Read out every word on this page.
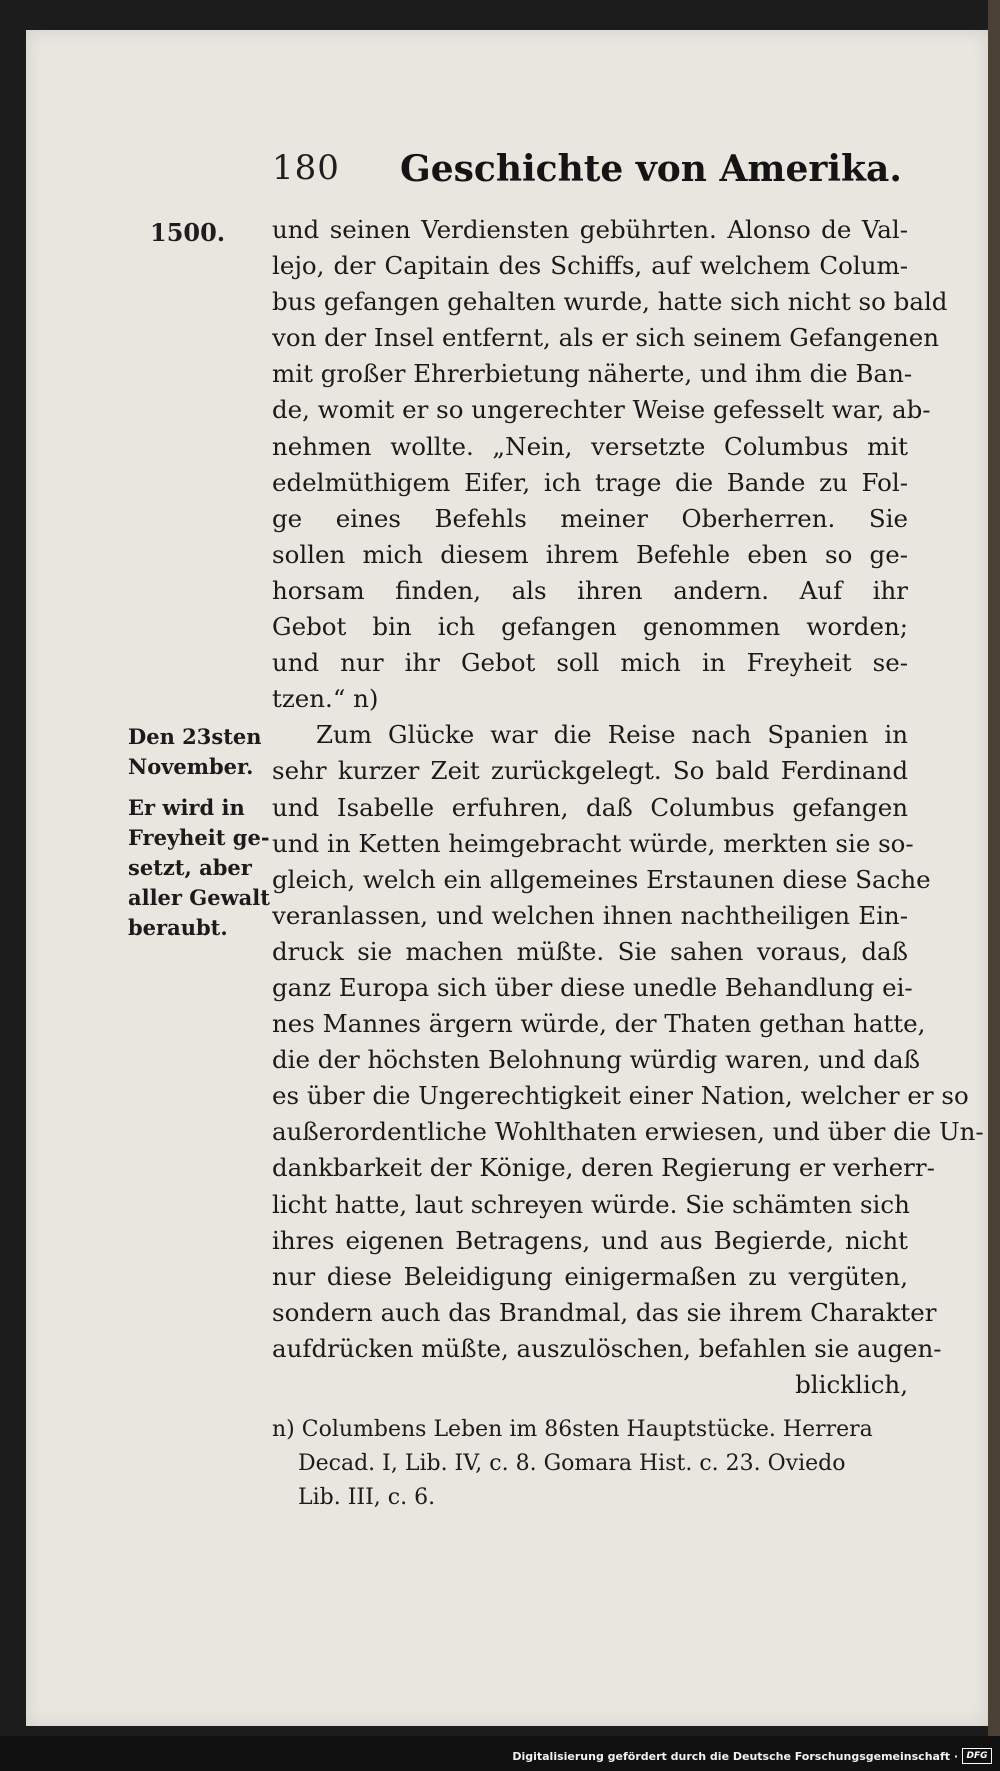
180 Geschichte von Amerika.
1500.
Den 23sten
November.
Er wird in
Freyheit ge-
setzt, aber
aller Gewalt
beraubt.
und seinen Verdiensten gebührten. Alonso de Val-
lejo, der Capitain des Schiffs, auf welchem Colum-
bus gefangen gehalten wurde, hatte sich nicht so bald
von der Insel entfernt, als er sich seinem Gefangenen
mit großer Ehrerbietung näherte, und ihm die Ban-
de, womit er so ungerechter Weise gefesselt war, ab-
nehmen wollte. „Nein, versetzte Columbus mit
edelmüthigem Eifer, ich trage die Bande zu Fol-
ge eines Befehls meiner Oberherren. Sie
sollen mich diesem ihrem Befehle eben so ge-
horsam finden, als ihren andern. Auf ihr
Gebot bin ich gefangen genommen worden;
und nur ihr Gebot soll mich in Freyheit se-
tzen.“ n)
Zum Glücke war die Reise nach Spanien in
sehr kurzer Zeit zurückgelegt. So bald Ferdinand
und Isabelle erfuhren, daß Columbus gefangen
und in Ketten heimgebracht würde, merkten sie so-
gleich, welch ein allgemeines Erstaunen diese Sache
veranlassen, und welchen ihnen nachtheiligen Ein-
druck sie machen müßte. Sie sahen voraus, daß
ganz Europa sich über diese unedle Behandlung ei-
nes Mannes ärgern würde, der Thaten gethan hatte,
die der höchsten Belohnung würdig waren, und daß
es über die Ungerechtigkeit einer Nation, welcher er so
außerordentliche Wohlthaten erwiesen, und über die Un-
dankbarkeit der Könige, deren Regierung er verherr-
licht hatte, laut schreyen würde. Sie schämten sich
ihres eigenen Betragens, und aus Begierde, nicht
nur diese Beleidigung einigermaßen zu vergüten,
sondern auch das Brandmal, das sie ihrem Charakter
aufdrücken müßte, auszulöschen, befahlen sie augen-
blicklich,
n) Columbens Leben im 86sten Hauptstücke. Herrera
Decad. I, Lib. IV, c. 8. Gomara Hist. c. 23. Oviedo
Lib. III, c. 6.
Digitalisierung gefördert durch die Deutsche Forschungsgemeinschaft · DFG
